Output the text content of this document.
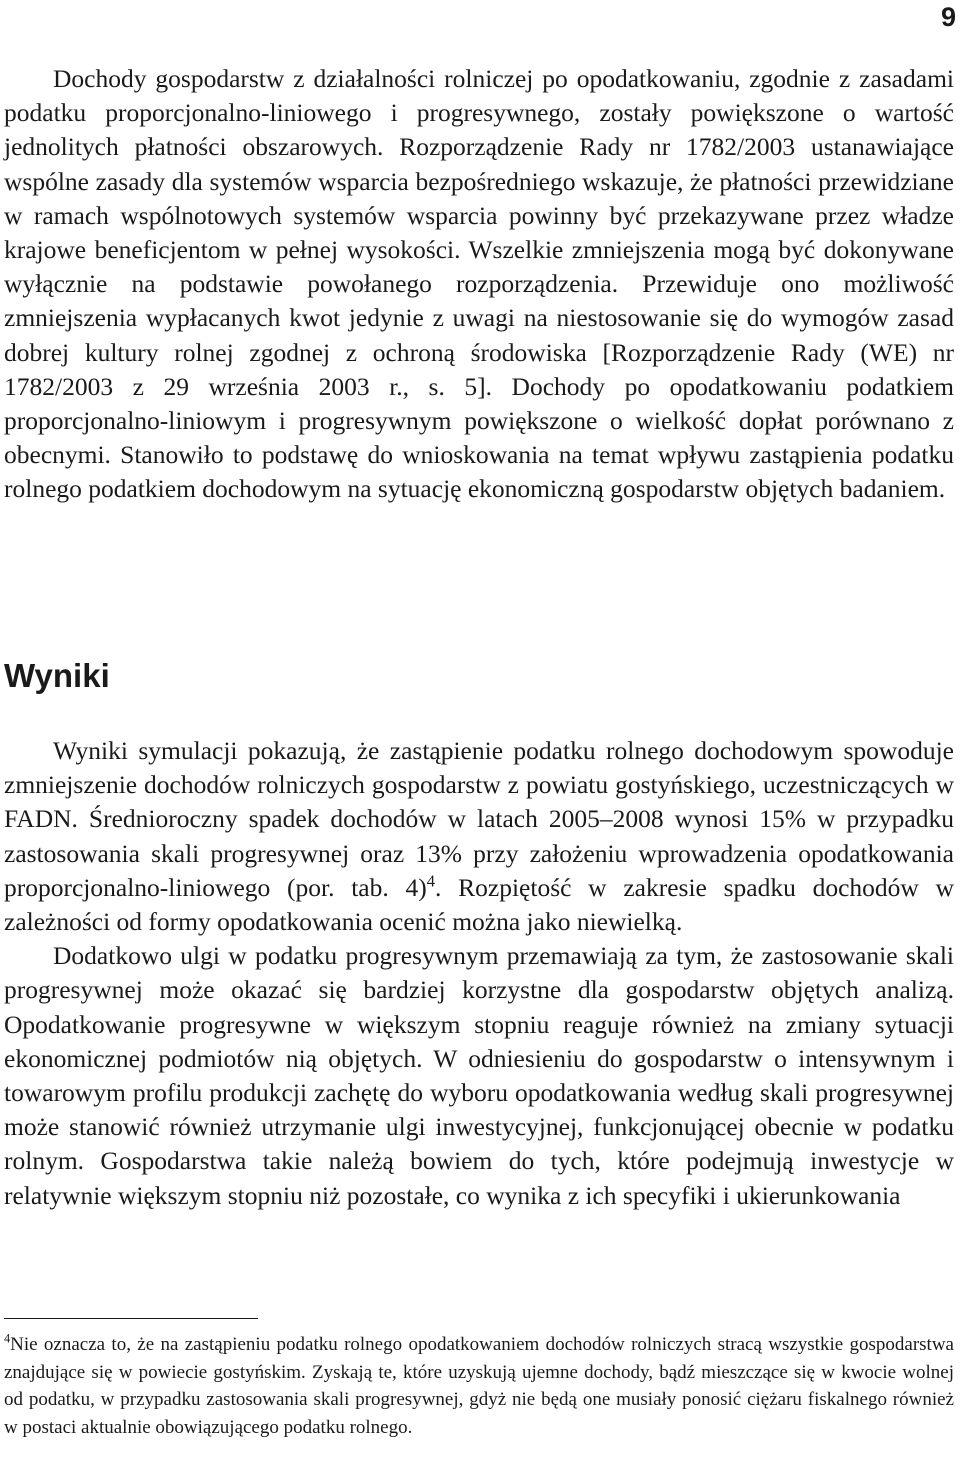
9

Dochody gospodarstw z działalności rolniczej po opodatkowaniu, zgodnie z zasadami podatku proporcjonalno-liniowego i progresywnego, zostały powiększone o wartość jednolitych płatności obszarowych. Rozporządzenie Rady nr 1782/2003 ustanawiające wspólne zasady dla systemów wsparcia bezpośredniego wskazuje, że płatności przewidziane w ramach wspólnotowych systemów wsparcia powinny być przekazywane przez władze krajowe beneficjentom w pełnej wysokości. Wszelkie zmniejszenia mogą być dokonywane wyłącznie na podstawie powołanego rozporządzenia. Przewiduje ono możliwość zmniejszenia wypłacanych kwot jedynie z uwagi na niestosowanie się do wymogów zasad dobrej kultury rolnej zgodnej z ochroną środowiska [Rozporządzenie Rady (WE) nr 1782/2003 z 29 września 2003 r., s. 5]. Dochody po opodatkowaniu podatkiem proporcjonalno-liniowym i progresywnym powiększone o wielkość dopłat porównano z obecnymi. Stanowiło to podstawę do wnioskowania na temat wpływu zastąpienia podatku rolnego podatkiem dochodowym na sytuację ekonomiczną gospodarstw objętych badaniem.

Wyniki

Wyniki symulacji pokazują, że zastąpienie podatku rolnego dochodowym spowoduje zmniejszenie dochodów rolniczych gospodarstw z powiatu gostyńskiego, uczestniczących w FADN. Średnioroczny spadek dochodów w latach 2005–2008 wynosi 15% w przypadku zastosowania skali progresywnej oraz 13% przy założeniu wprowadzenia opodatkowania proporcjonalno-liniowego (por. tab. 4)$^4$. Rozpiętość w zakresie spadku dochodów w zależności od formy opodatkowania ocenić można jako niewielką.

Dodatkowo ulgi w podatku progresywnym przemawiają za tym, że zastosowanie skali progresywnej może okazać się bardziej korzystne dla gospodarstw objętych analizą. Opodatkowanie progresywne w większym stopniu reaguje również na zmiany sytuacji ekonomicznej podmiotów nią objętych. W odniesieniu do gospodarstw o intensywnym i towarowym profilu produkcji zachętę do wyboru opodatkowania według skali progresywnej może stanowić również utrzymanie ulgi inwestycyjnej, funkcjonującej obecnie w podatku rolnym. Gospodarstwa takie należą bowiem do tych, które podejmują inwestycje w relatywnie większym stopniu niż pozostałe, co wynika z ich specyfiki i ukierunkowania

$^4$Nie oznacza to, że na zastąpieniu podatku rolnego opodatkowaniem dochodów rolniczych stracą wszystkie gospodarstwa znajdujące się w powiecie gostyńskim. Zyskają te, które uzyskują ujemne dochody, bądź mieszczące się w kwocie wolnej od podatku, w przypadku zastosowania skali progresywnej, gdyż nie będą one musiały ponosić ciężaru fiskalnego również w postaci aktualnie obowiązującego podatku rolnego.
